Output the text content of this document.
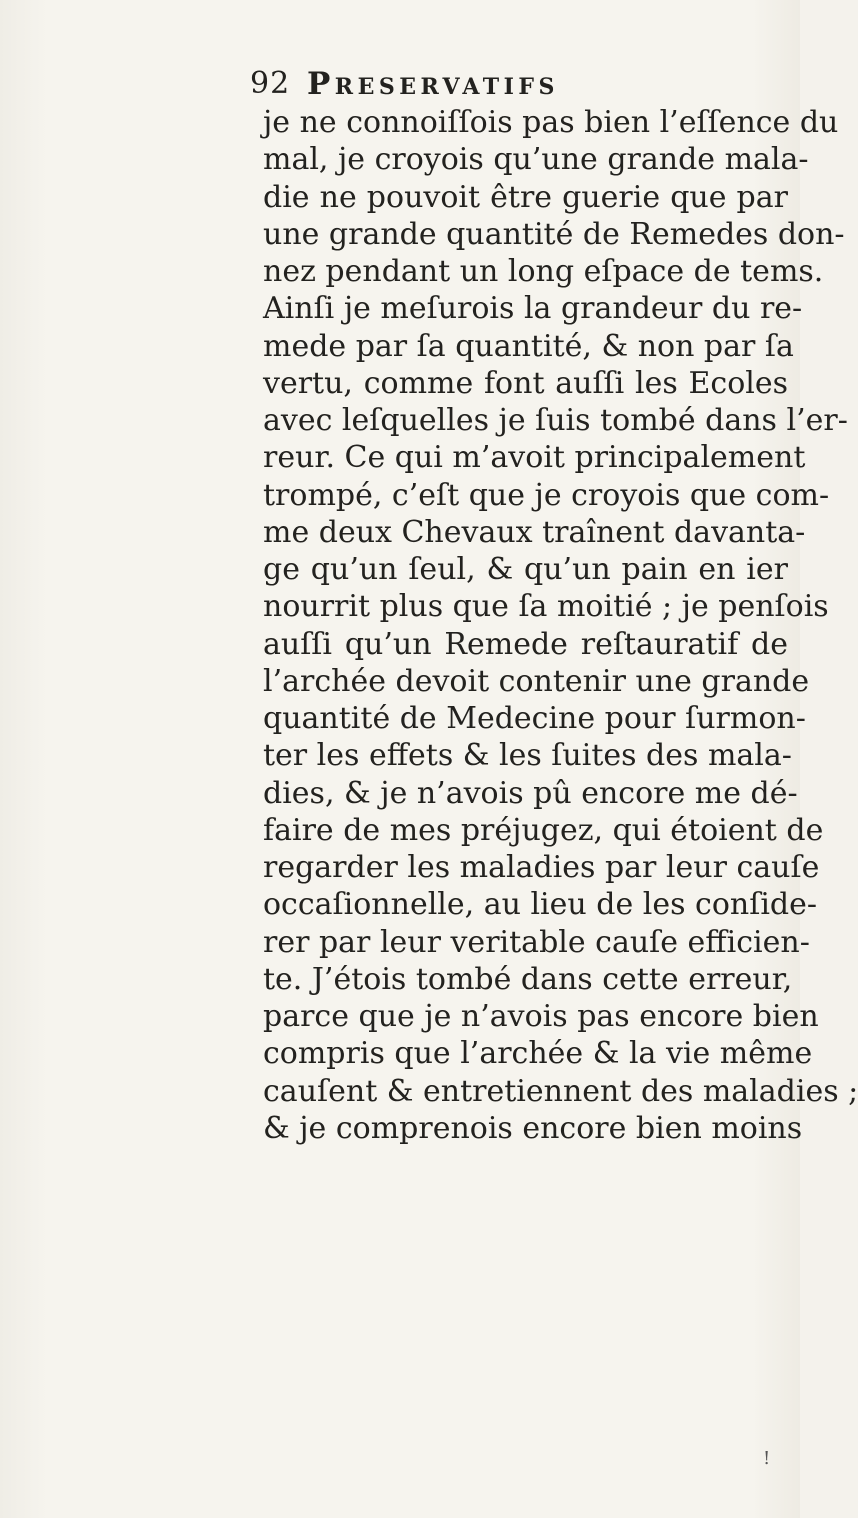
92 Preservatifs
je ne connoiſſois pas bien l’eſſence du
mal, je croyois qu’une grande mala-
die ne pouvoit être guerie que par
une grande quantité de Remedes don-
nez pendant un long eſpace de tems.
Ainſi je meſurois la grandeur du re-
mede par ſa quantité, & non par ſa
vertu, comme font auſſi les Ecoles
avec leſquelles je ſuis tombé dans l’er-
reur. Ce qui m’avoit principalement
trompé, c’eſt que je croyois que com-
me deux Chevaux traînent davanta-
ge qu’un ſeul, & qu’un pain en ier
nourrit plus que ſa moitié ; je penſois
auſſi qu’un Remede reſtauratif de
l’archée devoit contenir une grande
quantité de Medecine pour ſurmon-
ter les effets & les ſuites des mala-
dies, & je n’avois pû encore me dé-
faire de mes préjugez, qui étoient de
regarder les maladies par leur cauſe
occaſionnelle, au lieu de les conſide-
rer par leur veritable cauſe efficien-
te. J’étois tombé dans cette erreur,
parce que je n’avois pas encore bien
compris que l’archée & la vie même
cauſent & entretiennent des maladies ;
& je comprenois encore bien moins
!
